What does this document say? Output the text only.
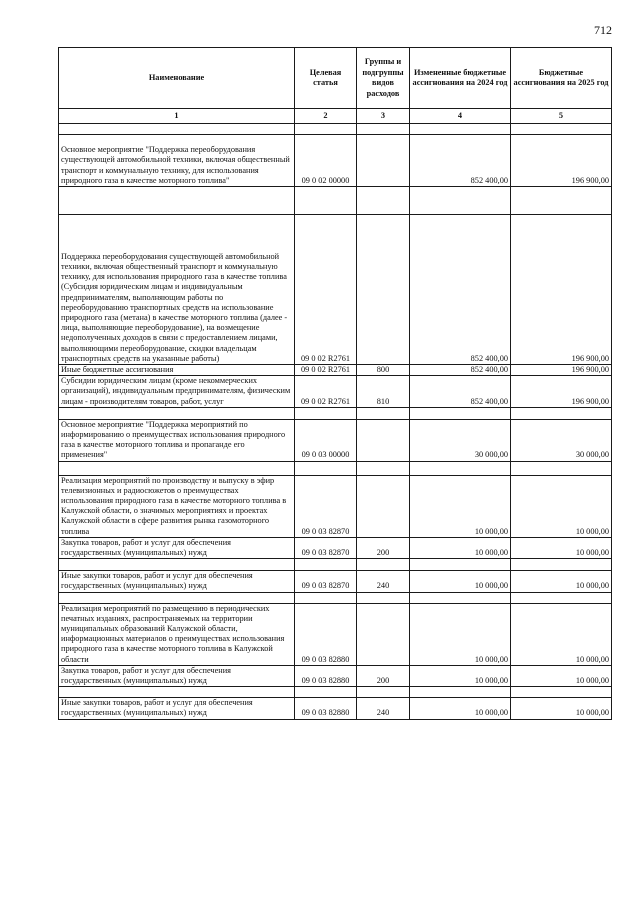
712
Наименование	Целевая статья	Группы и подгруппы видов расходов	Измененные бюджетные ассигнования на 2024 год	Бюджетные ассигнования на 2025 год
1	2	3	4	5

Основное мероприятие "Поддержка переоборудования существующей автомобильной техники, включая общественный транспорт и коммунальную технику, для использования природного газа в качестве моторного топлива"	09 0 02 00000		852 400,00	196 900,00

Поддержка переоборудования существующей автомобильной техники, включая общественный транспорт и коммунальную технику, для использования природного газа в качестве топлива (Субсидия юридическим лицам и индивидуальным предпринимателям, выполняющим работы по переоборудованию транспортных средств на использование природного газа (метана) в качестве моторного топлива (далее - лица, выполняющие переоборудование), на возмещение недополученных доходов в связи с предоставлением лицами, выполняющими переоборудование, скидки владельцам транспортных средств на указанные работы)	09 0 02 R2761		852 400,00	196 900,00
Иные бюджетные ассигнования	09 0 02 R2761	800	852 400,00	196 900,00
Субсидии юридическим лицам (кроме некоммерческих организаций), индивидуальным предпринимателям, физическим лицам - производителям товаров, работ, услуг	09 0 02 R2761	810	852 400,00	196 900,00

Основное мероприятие "Поддержка мероприятий по информированию о преимуществах использования природного газа в качестве моторного топлива и пропаганде его применения"	09 0 03 00000		30 000,00	30 000,00

Реализация мероприятий по производству и выпуску в эфир телевизионных и радиосюжетов о преимуществах использования природного газа в качестве моторного топлива в Калужской области, о значимых мероприятиях и проектах Калужской области в сфере развития рынка газомоторного топлива	09 0 03 82870		10 000,00	10 000,00
Закупка товаров, работ и услуг для обеспечения государственных (муниципальных) нужд	09 0 03 82870	200	10 000,00	10 000,00

Иные закупки товаров, работ и услуг для обеспечения государственных (муниципальных) нужд	09 0 03 82870	240	10 000,00	10 000,00

Реализация мероприятий по размещению в периодических печатных изданиях, распространяемых на территории муниципальных образований Калужской области, информационных материалов о преимуществах использования природного газа в качестве моторного топлива в Калужской области	09 0 03 82880		10 000,00	10 000,00
Закупка товаров, работ и услуг для обеспечения государственных (муниципальных) нужд	09 0 03 82880	200	10 000,00	10 000,00

Иные закупки товаров, работ и услуг для обеспечения государственных (муниципальных) нужд	09 0 03 82880	240	10 000,00	10 000,00
